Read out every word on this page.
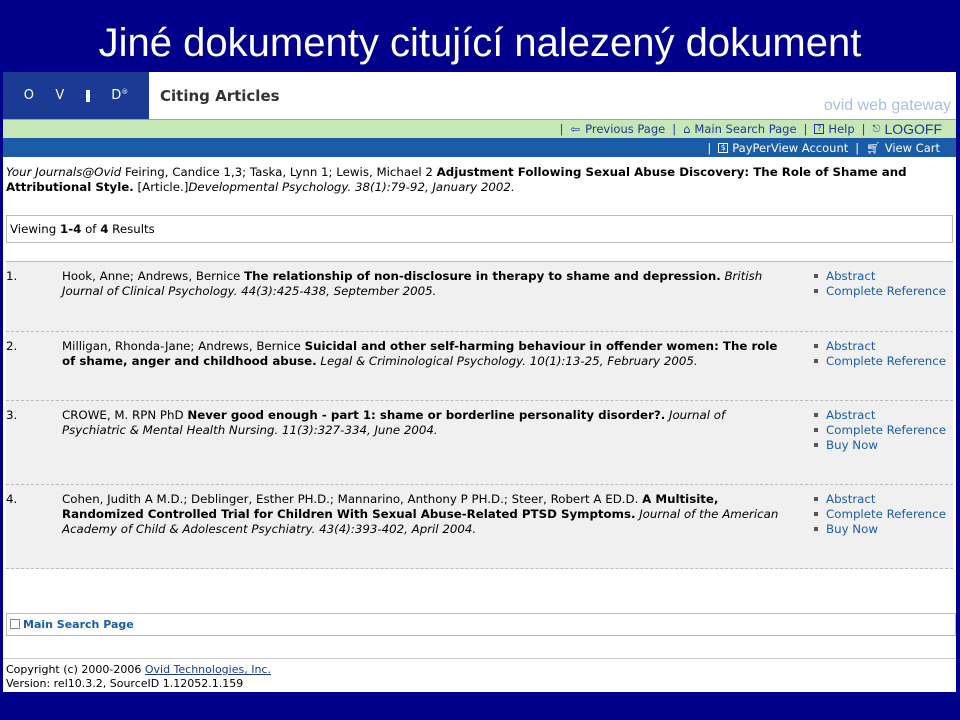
Jiné dokumenty citující nalezený dokument
O V	D® Citing Articles
ovid web gateway
| ⇦ Previous Page | ⌂ Main Search Page |	? Help | ⎋ LOGOFF
|	$ PayPerView Account | 🛒︎ View Cart
Your Journals@Ovid Feiring, Candice 1,3; Taska, Lynn 1; Lewis, Michael 2 Adjustment Following Sexual Abuse Discovery: The Role of Shame and Attributional Style. [Article.]Developmental Psychology. 38(1):79-92, January 2002.
Viewing 1-4 of 4 Results
1.	Hook, Anne; Andrews, Bernice The relationship of non-disclosure in therapy to shame and depression. British Journal of Clinical Psychology. 44(3):425-438, September 2005.
Abstract
Complete Reference
2.	Milligan, Rhonda-Jane; Andrews, Bernice Suicidal and other self-harming behaviour in offender women: The role of shame, anger and childhood abuse. Legal & Criminological Psychology. 10(1):13-25, February 2005.
Abstract
Complete Reference
3.	CROWE, M. RPN PhD Never good enough - part 1: shame or borderline personality disorder?. Journal of Psychiatric & Mental Health Nursing. 11(3):327-334, June 2004.
Abstract
Complete Reference
Buy Now
4.	Cohen, Judith A M.D.; Deblinger, Esther PH.D.; Mannarino, Anthony P PH.D.; Steer, Robert A ED.D. A Multisite, Randomized Controlled Trial for Children With Sexual Abuse-Related PTSD Symptoms. Journal of the American Academy of Child & Adolescent Psychiatry. 43(4):393-402, April 2004.
Abstract
Complete Reference
Buy Now
Main Search Page
Copyright (c) 2000-2006 Ovid Technologies, Inc.
Version: rel10.3.2, SourceID 1.12052.1.159
